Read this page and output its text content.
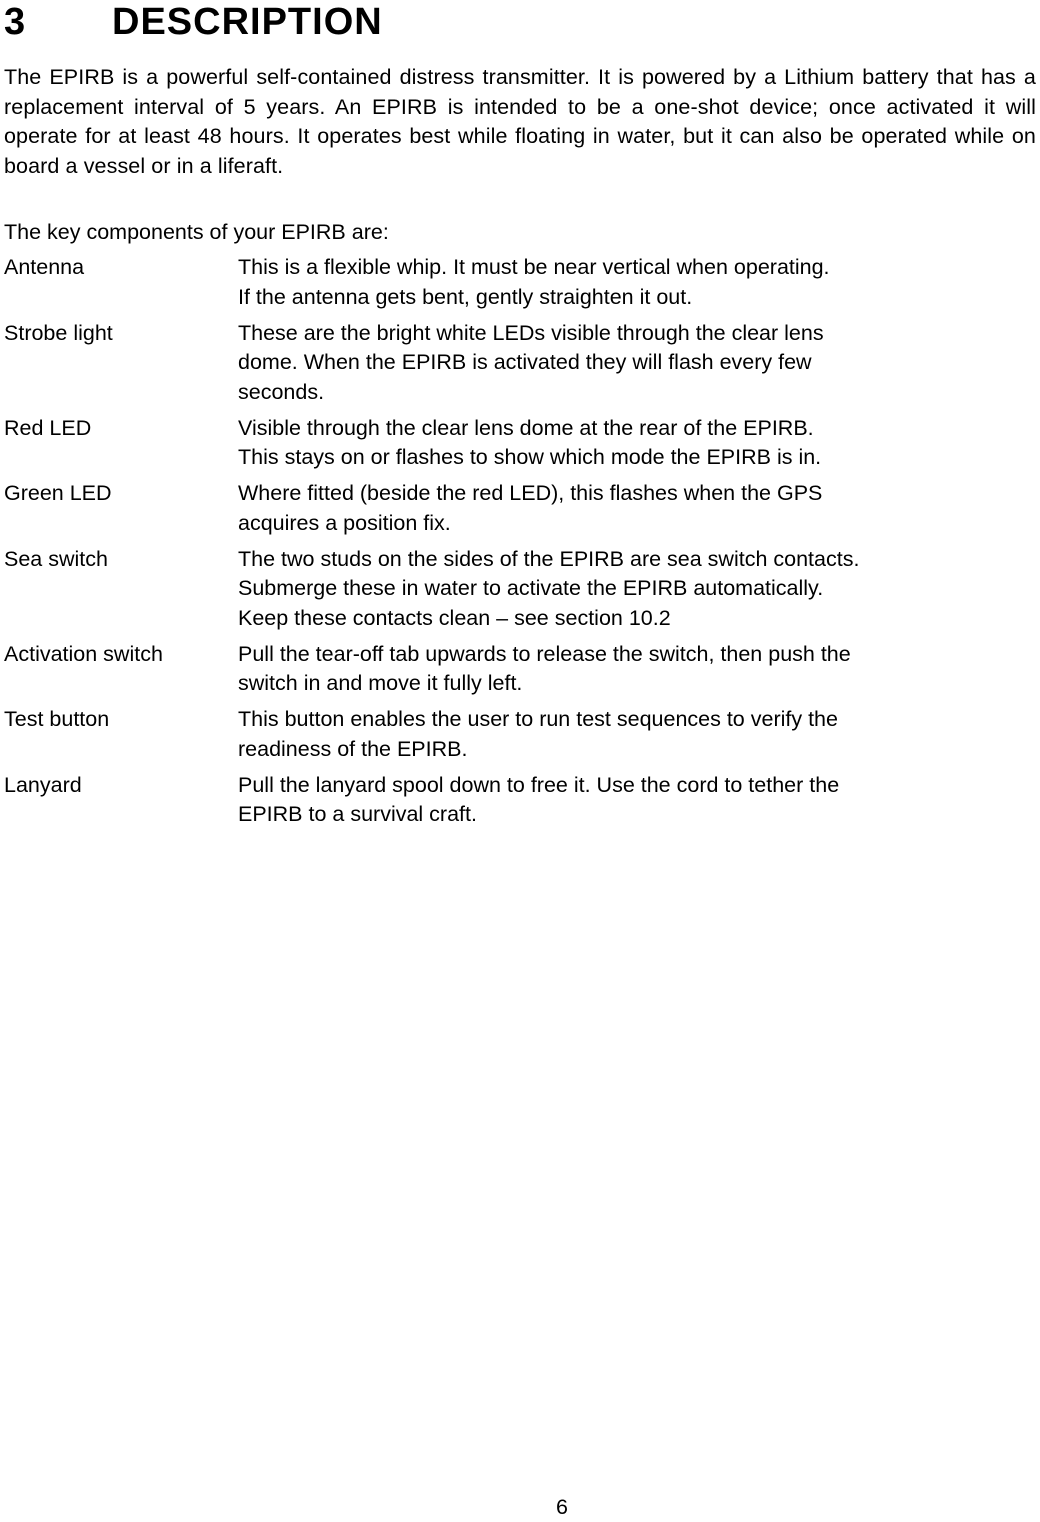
3 DESCRIPTION

The EPIRB is a powerful self-contained distress transmitter. It is powered by a Lithium battery that has a replacement interval of 5 years. An EPIRB is intended to be a one-shot device; once activated it will operate for at least 48 hours. It operates best while floating in water, but it can also be operated while on board a vessel or in a liferaft.

The key components of your EPIRB are:

Antenna	This is a flexible whip. It must be near vertical when operating.
If the antenna gets bent, gently straighten it out.
Strobe light	These are the bright white LEDs visible through the clear lens
dome. When the EPIRB is activated they will flash every few
seconds.
Red LED	Visible through the clear lens dome at the rear of the EPIRB.
This stays on or flashes to show which mode the EPIRB is in.
Green LED	Where fitted (beside the red LED), this flashes when the GPS
acquires a position fix.
Sea switch	The two studs on the sides of the EPIRB are sea switch contacts.
Submerge these in water to activate the EPIRB automatically.
Keep these contacts clean – see section 10.2
Activation switch	Pull the tear-off tab upwards to release the switch, then push the
switch in and move it fully left.
Test button	This button enables the user to run test sequences to verify the
readiness of the EPIRB.
Lanyard	Pull the lanyard spool down to free it. Use the cord to tether the
EPIRB to a survival craft.
6
